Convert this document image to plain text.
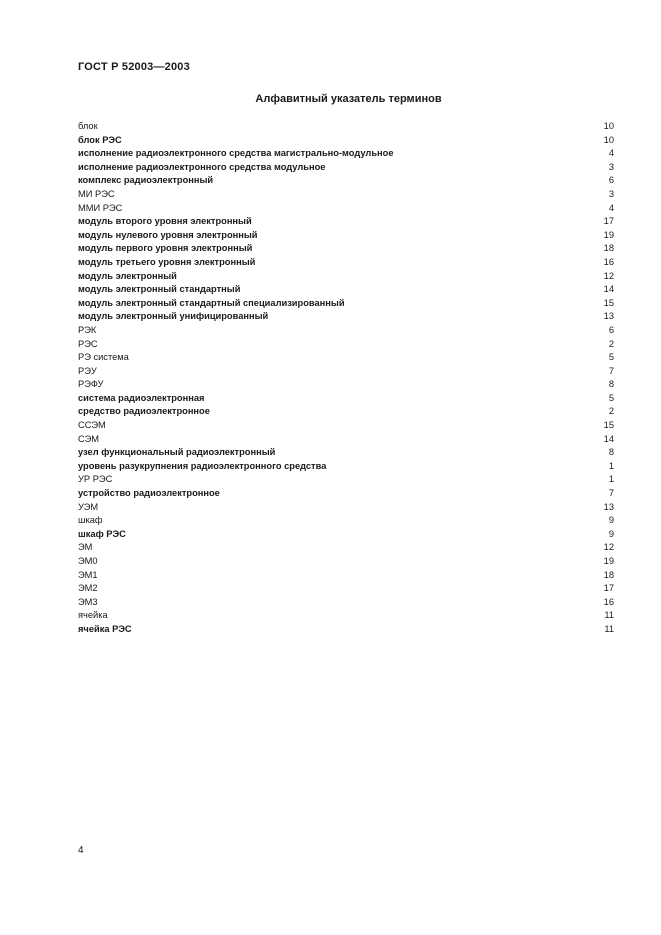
ГОСТ Р 52003—2003
Алфавитный указатель терминов
блок	10
блок РЭС	10
исполнение радиоэлектронного средства магистрально-модульное	4
исполнение радиоэлектронного средства модульное	3
комплекс радиоэлектронный	6
МИ РЭС	3
ММИ РЭС	4
модуль второго уровня электронный	17
модуль нулевого уровня электронный	19
модуль первого уровня электронный	18
модуль третьего уровня электронный	16
модуль электронный	12
модуль электронный стандартный	14
модуль электронный стандартный специализированный	15
модуль электронный унифицированный	13
РЭК	6
РЭС	2
РЭ система	5
РЭУ	7
РЭФУ	8
система радиоэлектронная	5
средство радиоэлектронное	2
ССЭМ	15
СЭМ	14
узел функциональный радиоэлектронный	8
уровень разукрупнения радиоэлектронного средства	1
УР РЭС	1
устройство радиоэлектронное	7
УЭМ	13
шкаф	9
шкаф РЭС	9
ЭМ	12
ЭМ0	19
ЭМ1	18
ЭМ2	17
ЭМ3	16
ячейка	11
ячейка РЭС	11
4
